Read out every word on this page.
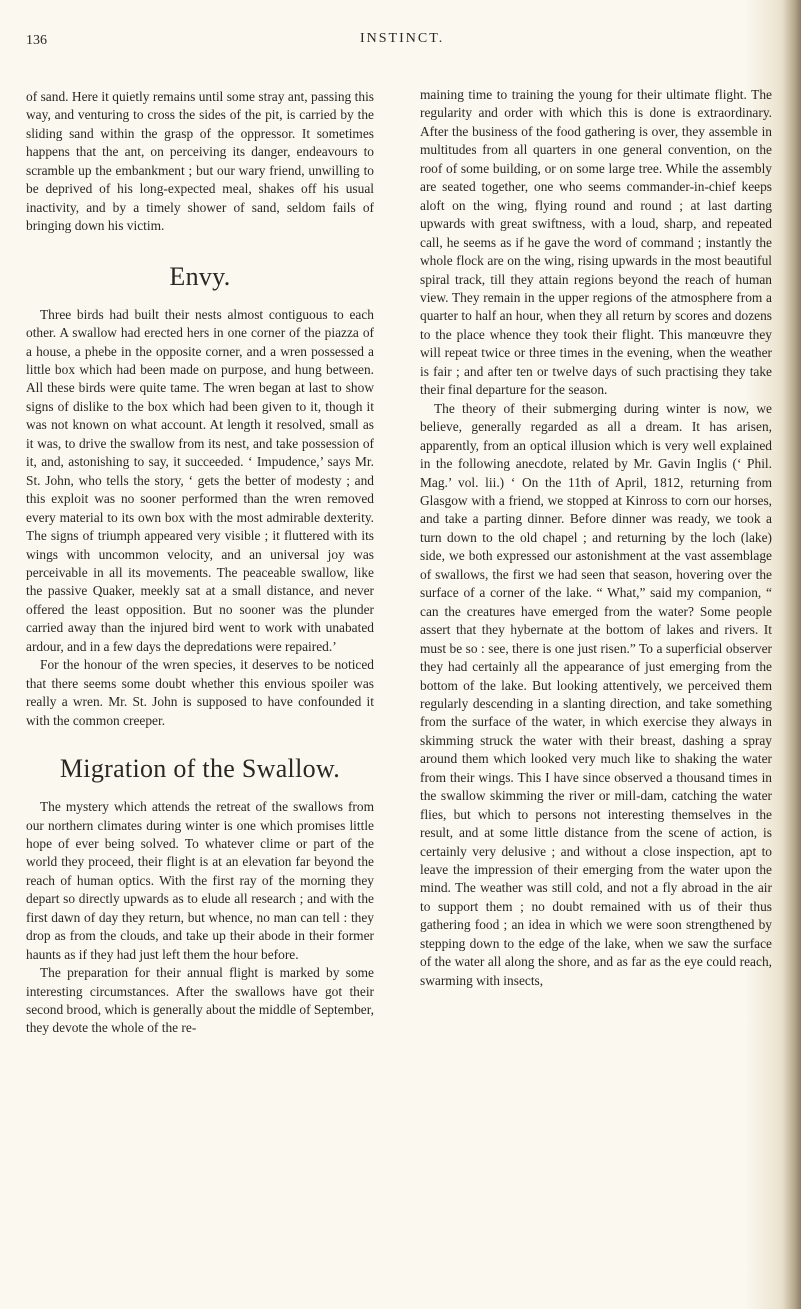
136	INSTINCT.

of sand. Here it quietly remains until some stray ant, passing this way, and venturing to cross the sides of the pit, is carried by the sliding sand within the grasp of the oppressor. It sometimes happens that the ant, on perceiving its danger, endeavours to scramble up the embankment ; but our wary friend, unwilling to be deprived of his long-expected meal, shakes off his usual inactivity, and by a timely shower of sand, seldom fails of bringing down his victim.

Envy.

Three birds had built their nests almost contiguous to each other. A swallow had erected hers in one corner of the piazza of a house, a phebe in the opposite corner, and a wren possessed a little box which had been made on purpose, and hung between. All these birds were quite tame. The wren began at last to show signs of dislike to the box which had been given to it, though it was not known on what account. At length it resolved, small as it was, to drive the swallow from its nest, and take possession of it, and, astonishing to say, it succeeded. ‘ Impudence,’ says Mr. St. John, who tells the story, ‘ gets the better of modesty ; and this exploit was no sooner performed than the wren removed every material to its own box with the most admirable dexterity. The signs of triumph appeared very visible ; it fluttered with its wings with uncommon velocity, and an universal joy was perceivable in all its movements. The peaceable swallow, like the passive Quaker, meekly sat at a small distance, and never offered the least opposition. But no sooner was the plunder carried away than the injured bird went to work with unabated ardour, and in a few days the depredations were repaired.’

For the honour of the wren species, it deserves to be noticed that there seems some doubt whether this envious spoiler was really a wren. Mr. St. John is supposed to have confounded it with the common creeper.

Migration of the Swallow.

The mystery which attends the retreat of the swallows from our northern climates during winter is one which promises little hope of ever being solved. To whatever clime or part of the world they proceed, their flight is at an elevation far beyond the reach of human optics. With the first ray of the morning they depart so directly upwards as to elude all research ; and with the first dawn of day they return, but whence, no man can tell : they drop as from the clouds, and take up their abode in their former haunts as if they had just left them the hour before.

The preparation for their annual flight is marked by some interesting circumstances. After the swallows have got their second brood, which is generally about the middle of September, they devote the whole of the re-

maining time to training the young for their ultimate flight. The regularity and order with which this is done is extraordinary. After the business of the food gathering is over, they assemble in multitudes from all quarters in one general convention, on the roof of some building, or on some large tree. While the assembly are seated together, one who seems commander-in-chief keeps aloft on the wing, flying round and round ; at last darting upwards with great swiftness, with a loud, sharp, and repeated call, he seems as if he gave the word of command ; instantly the whole flock are on the wing, rising upwards in the most beautiful spiral track, till they attain regions beyond the reach of human view. They remain in the upper regions of the atmosphere from a quarter to half an hour, when they all return by scores and dozens to the place whence they took their flight. This manœuvre they will repeat twice or three times in the evening, when the weather is fair ; and after ten or twelve days of such practising they take their final departure for the season.

The theory of their submerging during winter is now, we believe, generally regarded as all a dream. It has arisen, apparently, from an optical illusion which is very well explained in the following anecdote, related by Mr. Gavin Inglis (‘ Phil. Mag.’ vol. lii.) ‘ On the 11th of April, 1812, returning from Glasgow with a friend, we stopped at Kinross to corn our horses, and take a parting dinner. Before dinner was ready, we took a turn down to the old chapel ; and returning by the loch (lake) side, we both expressed our astonishment at the vast assemblage of swallows, the first we had seen that season, hovering over the surface of a corner of the lake. “ What,” said my companion, “ can the creatures have emerged from the water? Some people assert that they hybernate at the bottom of lakes and rivers. It must be so : see, there is one just risen.” To a superficial observer they had certainly all the appearance of just emerging from the bottom of the lake. But looking attentively, we perceived them regularly descending in a slanting direction, and take something from the surface of the water, in which exercise they always in skimming struck the water with their breast, dashing a spray around them which looked very much like to shaking the water from their wings. This I have since observed a thousand times in the swallow skimming the river or mill-dam, catching the water flies, but which to persons not interesting themselves in the result, and at some little distance from the scene of action, is certainly very delusive ; and without a close inspection, apt to leave the impression of their emerging from the water upon the mind. The weather was still cold, and not a fly abroad in the air to support them ; no doubt remained with us of their thus gathering food ; an idea in which we were soon strengthened by stepping down to the edge of the lake, when we saw the surface of the water all along the shore, and as far as the eye could reach, swarming with insects,
